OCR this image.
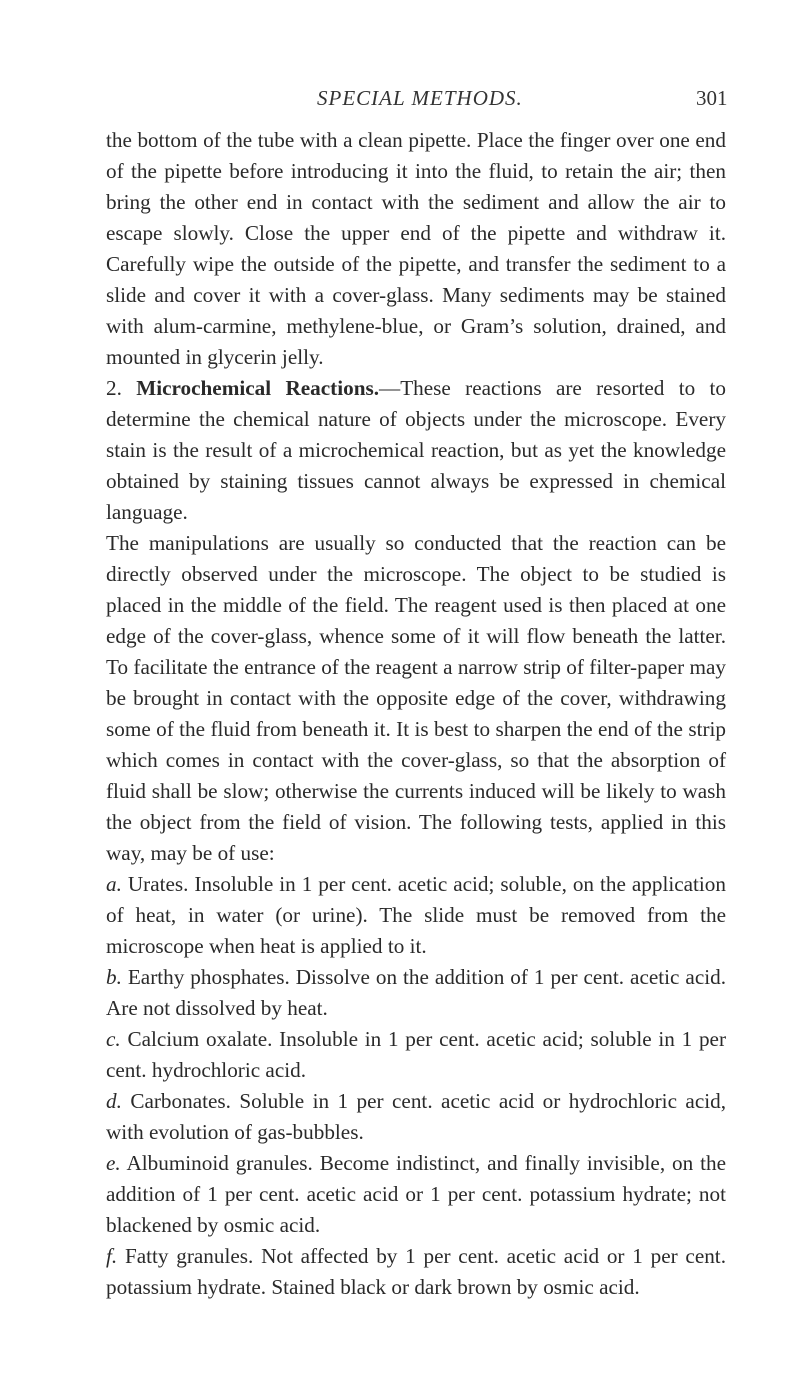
SPECIAL METHODS.	301

the bottom of the tube with a clean pipette. Place the finger over one end of the pipette before introducing it into the fluid, to retain the air; then bring the other end in contact with the sediment and allow the air to escape slowly. Close the upper end of the pipette and withdraw it. Carefully wipe the outside of the pipette, and transfer the sediment to a slide and cover it with a cover-glass. Many sediments may be stained with alum-carmine, methylene-blue, or Gram’s solution, drained, and mounted in glycerin jelly.

2. Microchemical Reactions.—These reactions are resorted to to determine the chemical nature of objects under the microscope. Every stain is the result of a microchemical reaction, but as yet the knowledge obtained by staining tissues cannot always be expressed in chemical language.

The manipulations are usually so conducted that the reaction can be directly observed under the microscope. The object to be studied is placed in the middle of the field. The reagent used is then placed at one edge of the cover-glass, whence some of it will flow beneath the latter. To facilitate the entrance of the reagent a narrow strip of filter-paper may be brought in contact with the opposite edge of the cover, withdrawing some of the fluid from beneath it. It is best to sharpen the end of the strip which comes in contact with the cover-glass, so that the absorption of fluid shall be slow; otherwise the currents induced will be likely to wash the object from the field of vision. The following tests, applied in this way, may be of use:

a. Urates. Insoluble in 1 per cent. acetic acid; soluble, on the application of heat, in water (or urine). The slide must be removed from the microscope when heat is applied to it.

b. Earthy phosphates. Dissolve on the addition of 1 per cent. acetic acid. Are not dissolved by heat.

c. Calcium oxalate. Insoluble in 1 per cent. acetic acid; soluble in 1 per cent. hydrochloric acid.

d. Carbonates. Soluble in 1 per cent. acetic acid or hydrochloric acid, with evolution of gas-bubbles.

e. Albuminoid granules. Become indistinct, and finally invisible, on the addition of 1 per cent. acetic acid or 1 per cent. potassium hydrate; not blackened by osmic acid.

f. Fatty granules. Not affected by 1 per cent. acetic acid or 1 per cent. potassium hydrate. Stained black or dark brown by osmic acid.
